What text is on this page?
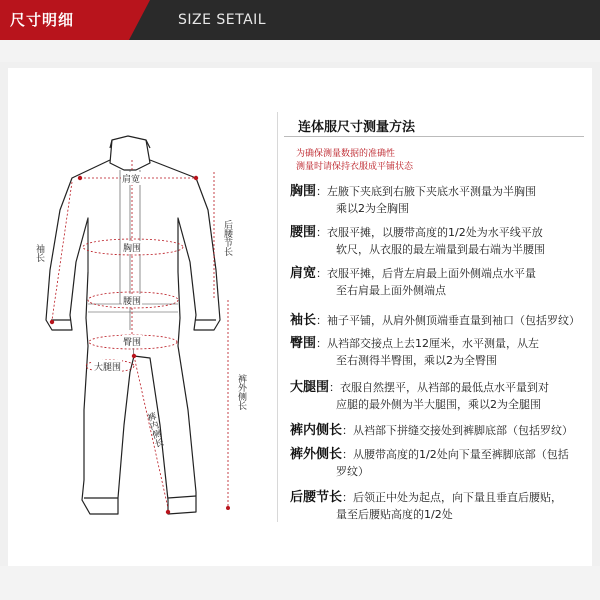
尺寸明细	SIZE SETAIL
肩宽
胸围
腰围
臀围
大腿围
袖长	后腰节长
裤外侧长
裤内侧长
连体服尺寸测量方法
为确保测量数据的准确性
测量时请保持衣服成平铺状态
胸围：左腋下夹底到右腋下夹底水平测量为半胸围
乘以2为全胸围
腰围：衣服平摊，以腰带高度的1/2处为水平线平放
软尺，从衣服的最左端量到最右端为半腰围
肩宽：衣服平摊，后背左肩最上面外侧端点水平量
至右肩最上面外侧端点
袖长：袖子平铺，从肩外侧顶端垂直量到袖口（包括罗纹）
臀围：从裆部交接点上去12厘米，水平测量，从左
至右测得半臀围，乘以2为全臀围
大腿围：衣服自然摆平，从裆部的最低点水平量到对
应腿的最外侧为半大腿围，乘以2为全腿围
裤内侧长：从裆部下拼缝交接处到裤脚底部（包括罗纹）
裤外侧长：从腰带高度的1/2处向下量至裤脚底部（包括
罗纹）
后腰节长：后领正中处为起点，向下量且垂直后腰贴，
量至后腰贴高度的1/2处
